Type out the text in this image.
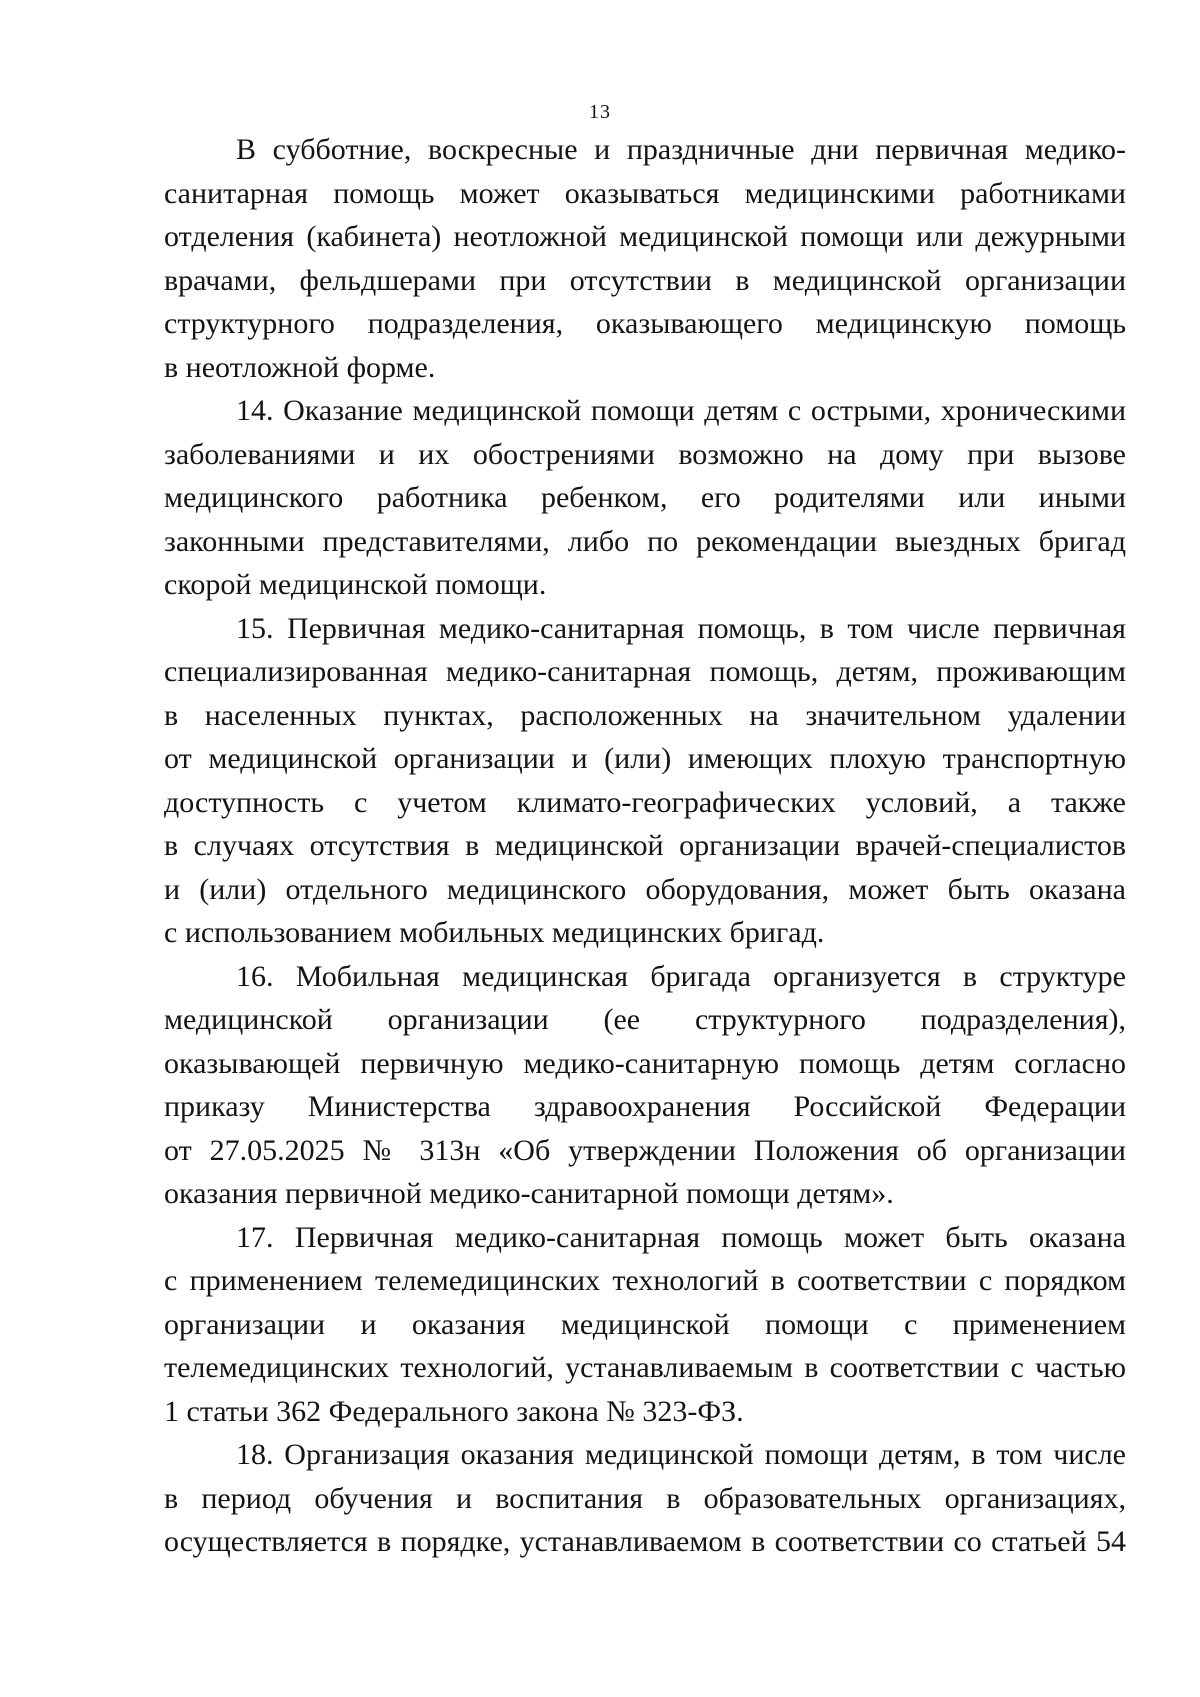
13

В субботние, воскресные и праздничные дни первичная медико-
санитарная помощь может оказываться медицинскими работниками
отделения (кабинета) неотложной медицинской помощи или дежурными
врачами, фельдшерами при отсутствии в медицинской организации
структурного подразделения, оказывающего медицинскую помощь
в неотложной форме.

14. Оказание медицинской помощи детям с острыми, хроническими
заболеваниями и их обострениями возможно на дому при вызове
медицинского работника ребенком, его родителями или иными
законными представителями, либо по рекомендации выездных бригад
скорой медицинской помощи.

15. Первичная медико-санитарная помощь, в том числе первичная
специализированная медико-санитарная помощь, детям, проживающим
в населенных пунктах, расположенных на значительном удалении
от медицинской организации и (или) имеющих плохую транспортную
доступность с учетом климато-географических условий, а также
в случаях отсутствия в медицинской организации врачей-специалистов
и (или) отдельного медицинского оборудования, может быть оказана
с использованием мобильных медицинских бригад.

16. Мобильная медицинская бригада организуется в структуре
медицинской организации (ее структурного подразделения),
оказывающей первичную медико-санитарную помощь детям согласно
приказу Министерства здравоохранения Российской Федерации
от 27.05.2025 № 313н «Об утверждении Положения об организации
оказания первичной медико-санитарной помощи детям».

17. Первичная медико-санитарная помощь может быть оказана
с применением телемедицинских технологий в соответствии с порядком
организации и оказания медицинской помощи с применением
телемедицинских технологий, устанавливаемым в соответствии с частью
1 статьи 362 Федерального закона № 323-ФЗ.

18. Организация оказания медицинской помощи детям, в том числе
в период обучения и воспитания в образовательных организациях,
осуществляется в порядке, устанавливаемом в соответствии со статьей 54
